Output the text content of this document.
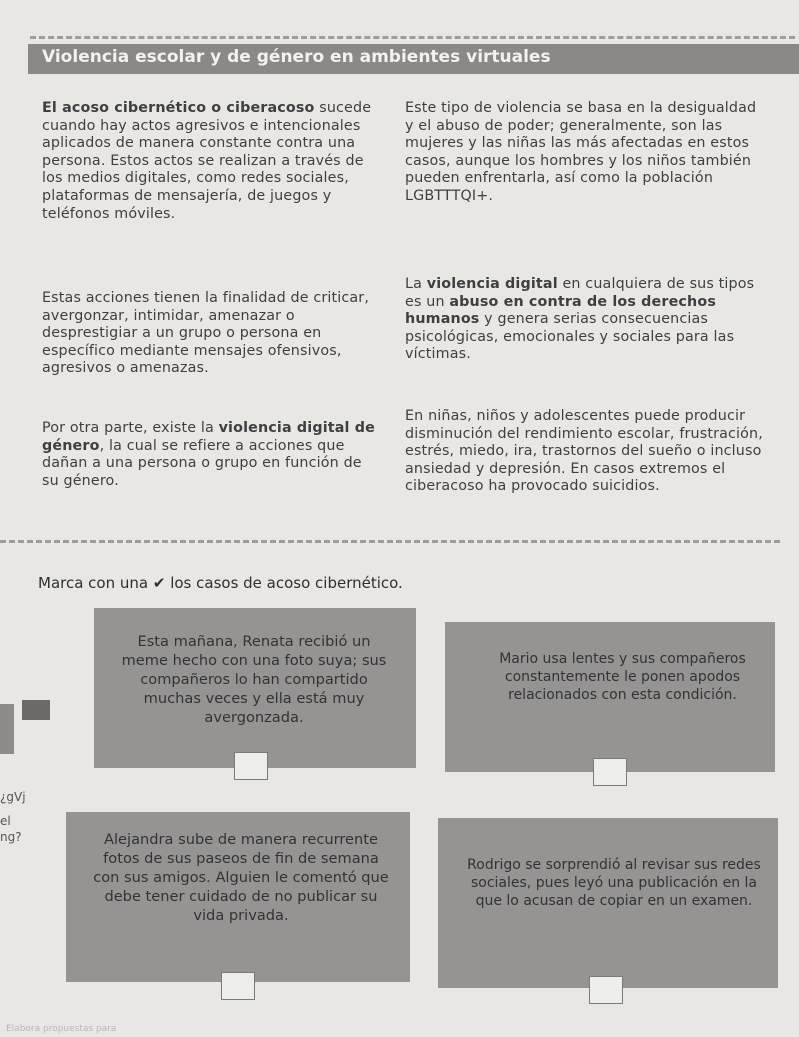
Violencia escolar y de género en ambientes virtuales

El acoso cibernético o ciberacoso sucede cuando hay actos agresivos e intencionales aplicados de manera constante contra una persona. Estos actos se realizan a través de los medios digitales, como redes sociales, plataformas de mensajería, de juegos y teléfonos móviles.

Estas acciones tienen la finalidad de criticar, avergonzar, intimidar, amenazar o desprestigiar a un grupo o persona en específico mediante mensajes ofensivos, agresivos o amenazas.

Por otra parte, existe la violencia digital de género, la cual se refiere a acciones que dañan a una persona o grupo en función de su género.

Este tipo de violencia se basa en la desigualdad y el abuso de poder; generalmente, son las mujeres y las niñas las más afectadas en estos casos, aunque los hombres y los niños también pueden enfrentarla, así como la población LGBTTTQI+.

La violencia digital en cualquiera de sus tipos es un abuso en contra de los derechos humanos y genera serias consecuencias psicológicas, emocionales y sociales para las víctimas.

En niñas, niños y adolescentes puede producir disminución del rendimiento escolar, frustración, estrés, miedo, ira, trastornos del sueño o incluso ansiedad y depresión. En casos extremos el ciberacoso ha provocado suicidios.

Marca con una ✔ los casos de acoso cibernético.
Esta mañana, Renata recibió un meme hecho con una foto suya; sus compañeros lo han compartido muchas veces y ella está muy avergonzada.
Mario usa lentes y sus compañeros constantemente le ponen apodos relacionados con esta condición.
Alejandra sube de manera recurrente fotos de sus paseos de fin de semana con sus amigos. Alguien le comentó que debe tener cuidado de no publicar su vida privada.
Rodrigo se sorprendió al revisar sus redes sociales, pues leyó una publicación en la que lo acusan de copiar en un examen.
¿gVj
el
ng?
Elabora propuestas para
